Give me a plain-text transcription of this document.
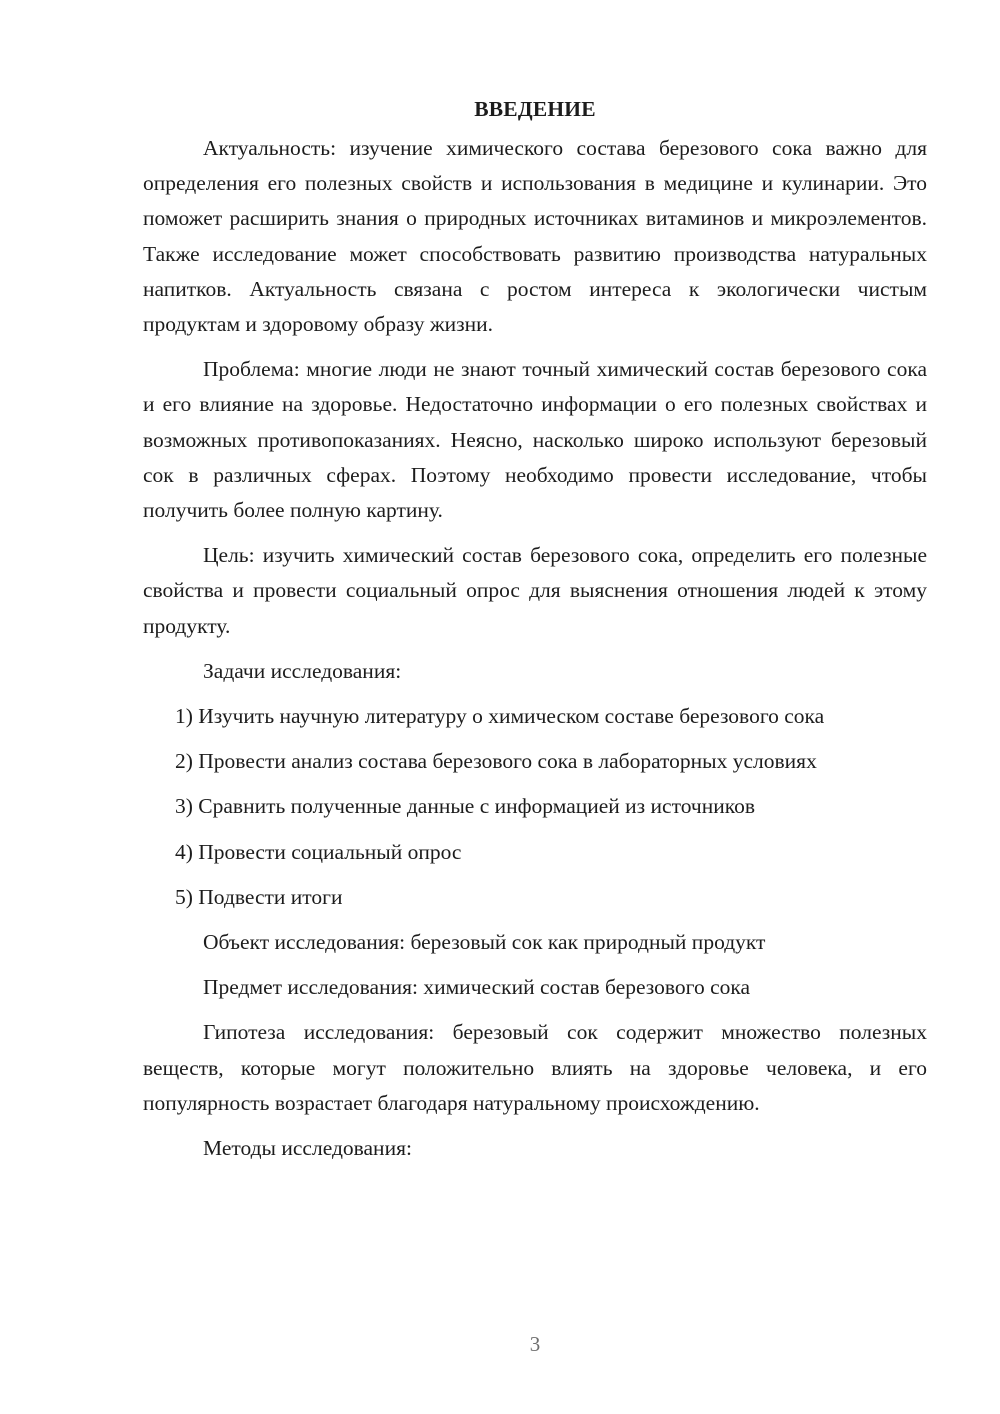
ВВЕДЕНИЕ

Актуальность: изучение химического состава березового сока важно для определения его полезных свойств и использования в медицине и кулинарии. Это поможет расширить знания о природных источниках витаминов и микроэлементов. Также исследование может способствовать развитию производства натуральных напитков. Актуальность связана с ростом интереса к экологически чистым продуктам и здоровому образу жизни.

Проблема: многие люди не знают точный химический состав березового сока и его влияние на здоровье. Недостаточно информации о его полезных свойствах и возможных противопоказаниях. Неясно, насколько широко используют березовый сок в различных сферах. Поэтому необходимо провести исследование, чтобы получить более полную картину.

Цель: изучить химический состав березового сока, определить его полезные свойства и провести социальный опрос для выяснения отношения людей к этому продукту.

Задачи исследования:

1) Изучить научную литературу о химическом составе березового сока
2) Провести анализ состава березового сока в лабораторных условиях
3) Сравнить полученные данные с информацией из источников
4) Провести социальный опрос
5) Подвести итоги

Объект исследования: березовый сок как природный продукт

Предмет исследования: химический состав березового сока

Гипотеза исследования: березовый сок содержит множество полезных веществ, которые могут положительно влиять на здоровье человека, и его популярность возрастает благодаря натуральному происхождению.

Методы исследования:

3
